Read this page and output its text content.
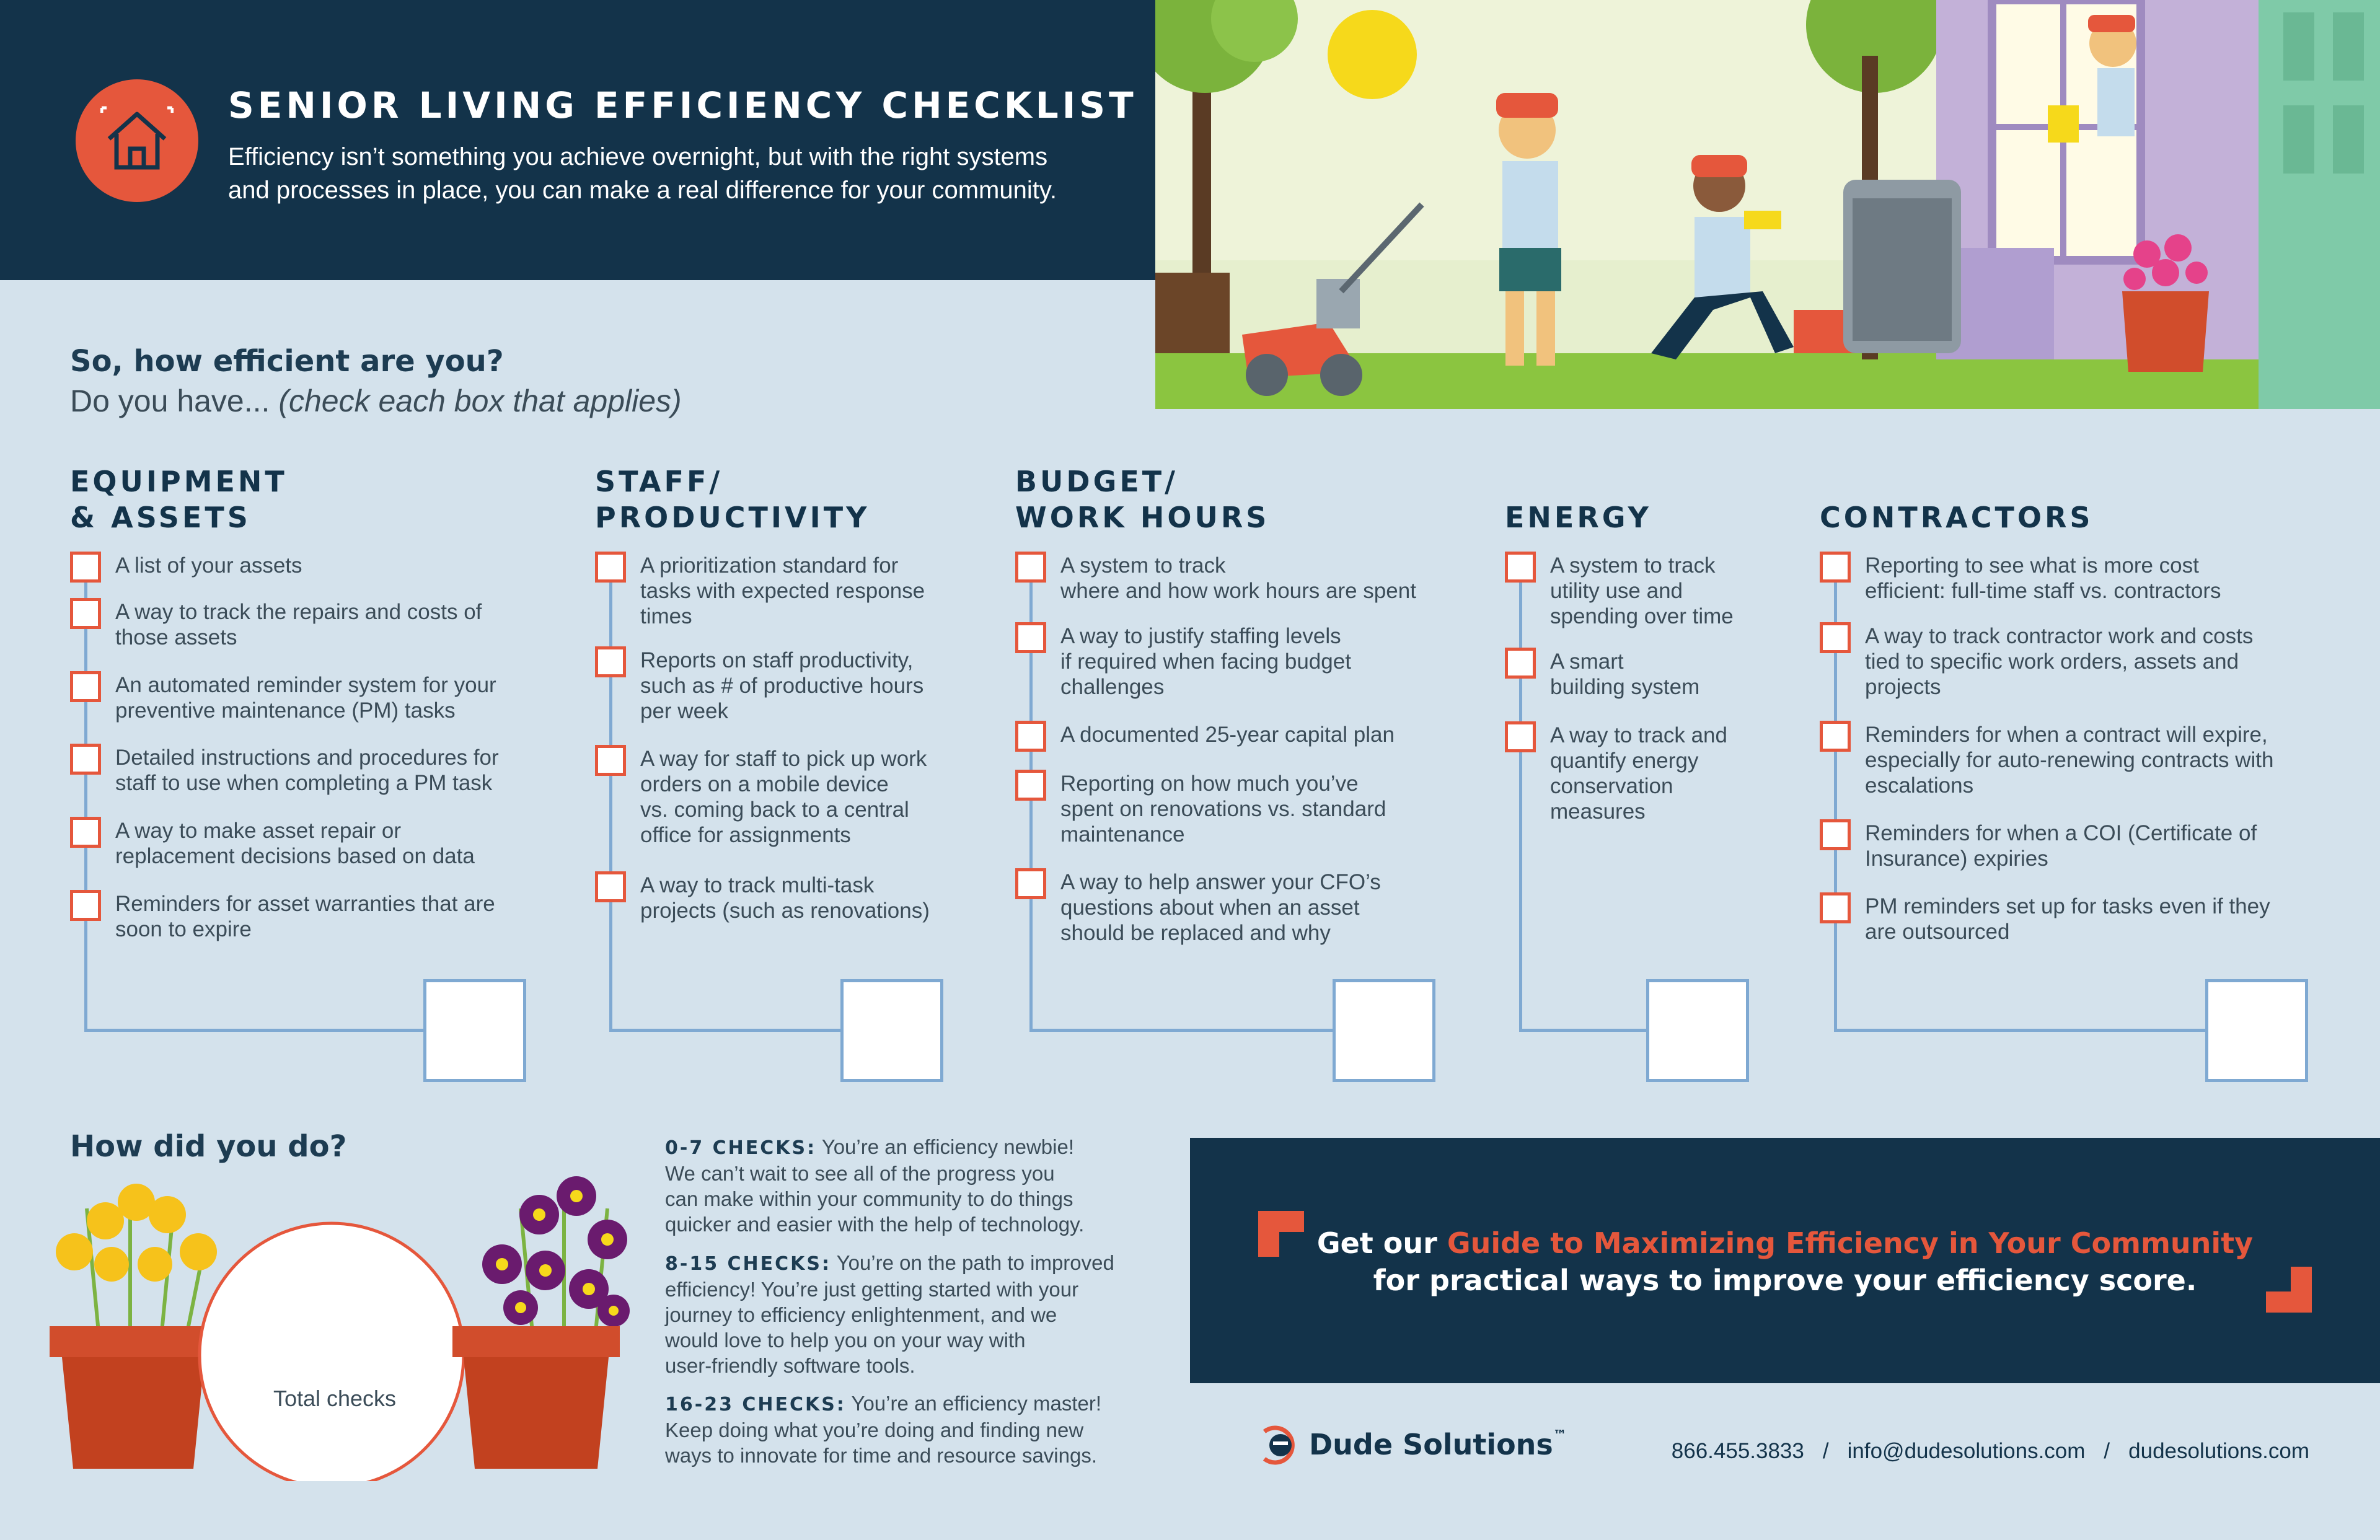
SENIOR LIVING EFFICIENCY CHECKLIST
Efficiency isn’t something you achieve overnight, but with the right systems
and processes in place, you can make a real difference for your community.
So, how efficient are you?
Do you have... (check each box that applies)
EQUIPMENT
& ASSETS
STAFF/
PRODUCTIVITY
BUDGET/
WORK HOURS	ENERGY	CONTRACTORS
How did you do?
Total checks
0-7 CHECKS: You’re an efficiency newbie!
We can’t wait to see all of the progress you
can make within your community to do things
quicker and easier with the help of technology.
8-15 CHECKS: You’re on the path to improved
efficiency! You’re just getting started with your
journey to efficiency enlightenment, and we
would love to help you on your way with
user-friendly software tools.
16-23 CHECKS: You’re an efficiency master!
Keep doing what you’re doing and finding new
ways to innovate for time and resource savings.
Get our Guide to Maximizing Efficiency in Your Community
for practical ways to improve your efficiency score.
Dude Solutions ™
866.455.3833 / info@dudesolutions.com / dudesolutions.com
A list of your assets
A way to track the repairs and costs of
those assets
An automated reminder system for your
preventive maintenance (PM) tasks
Detailed instructions and procedures for
staff to use when completing a PM task
A way to make asset repair or
replacement decisions based on data
Reminders for asset warranties that are
soon to expire
A prioritization standard for
tasks with expected response
times
Reports on staff productivity,
such as # of productive hours
per week
A way for staff to pick up work
orders on a mobile device
vs. coming back to a central
office for assignments
A way to track multi-task
projects (such as renovations)
A system to track
where and how work hours are spent
A way to justify staffing levels
if required when facing budget
challenges
A documented 25-year capital plan
Reporting on how much you’ve
spent on renovations vs. standard
maintenance
A way to help answer your CFO’s
questions about when an asset
should be replaced and why
A system to track
utility use and
spending over time
A smart
building system
A way to track and
quantify energy
conservation
measures
Reporting to see what is more cost
efficient: full-time staff vs. contractors
A way to track contractor work and costs
tied to specific work orders, assets and
projects
Reminders for when a contract will expire,
especially for auto-renewing contracts with
escalations
Reminders for when a COI (Certificate of
Insurance) expiries
PM reminders set up for tasks even if they
are outsourced
